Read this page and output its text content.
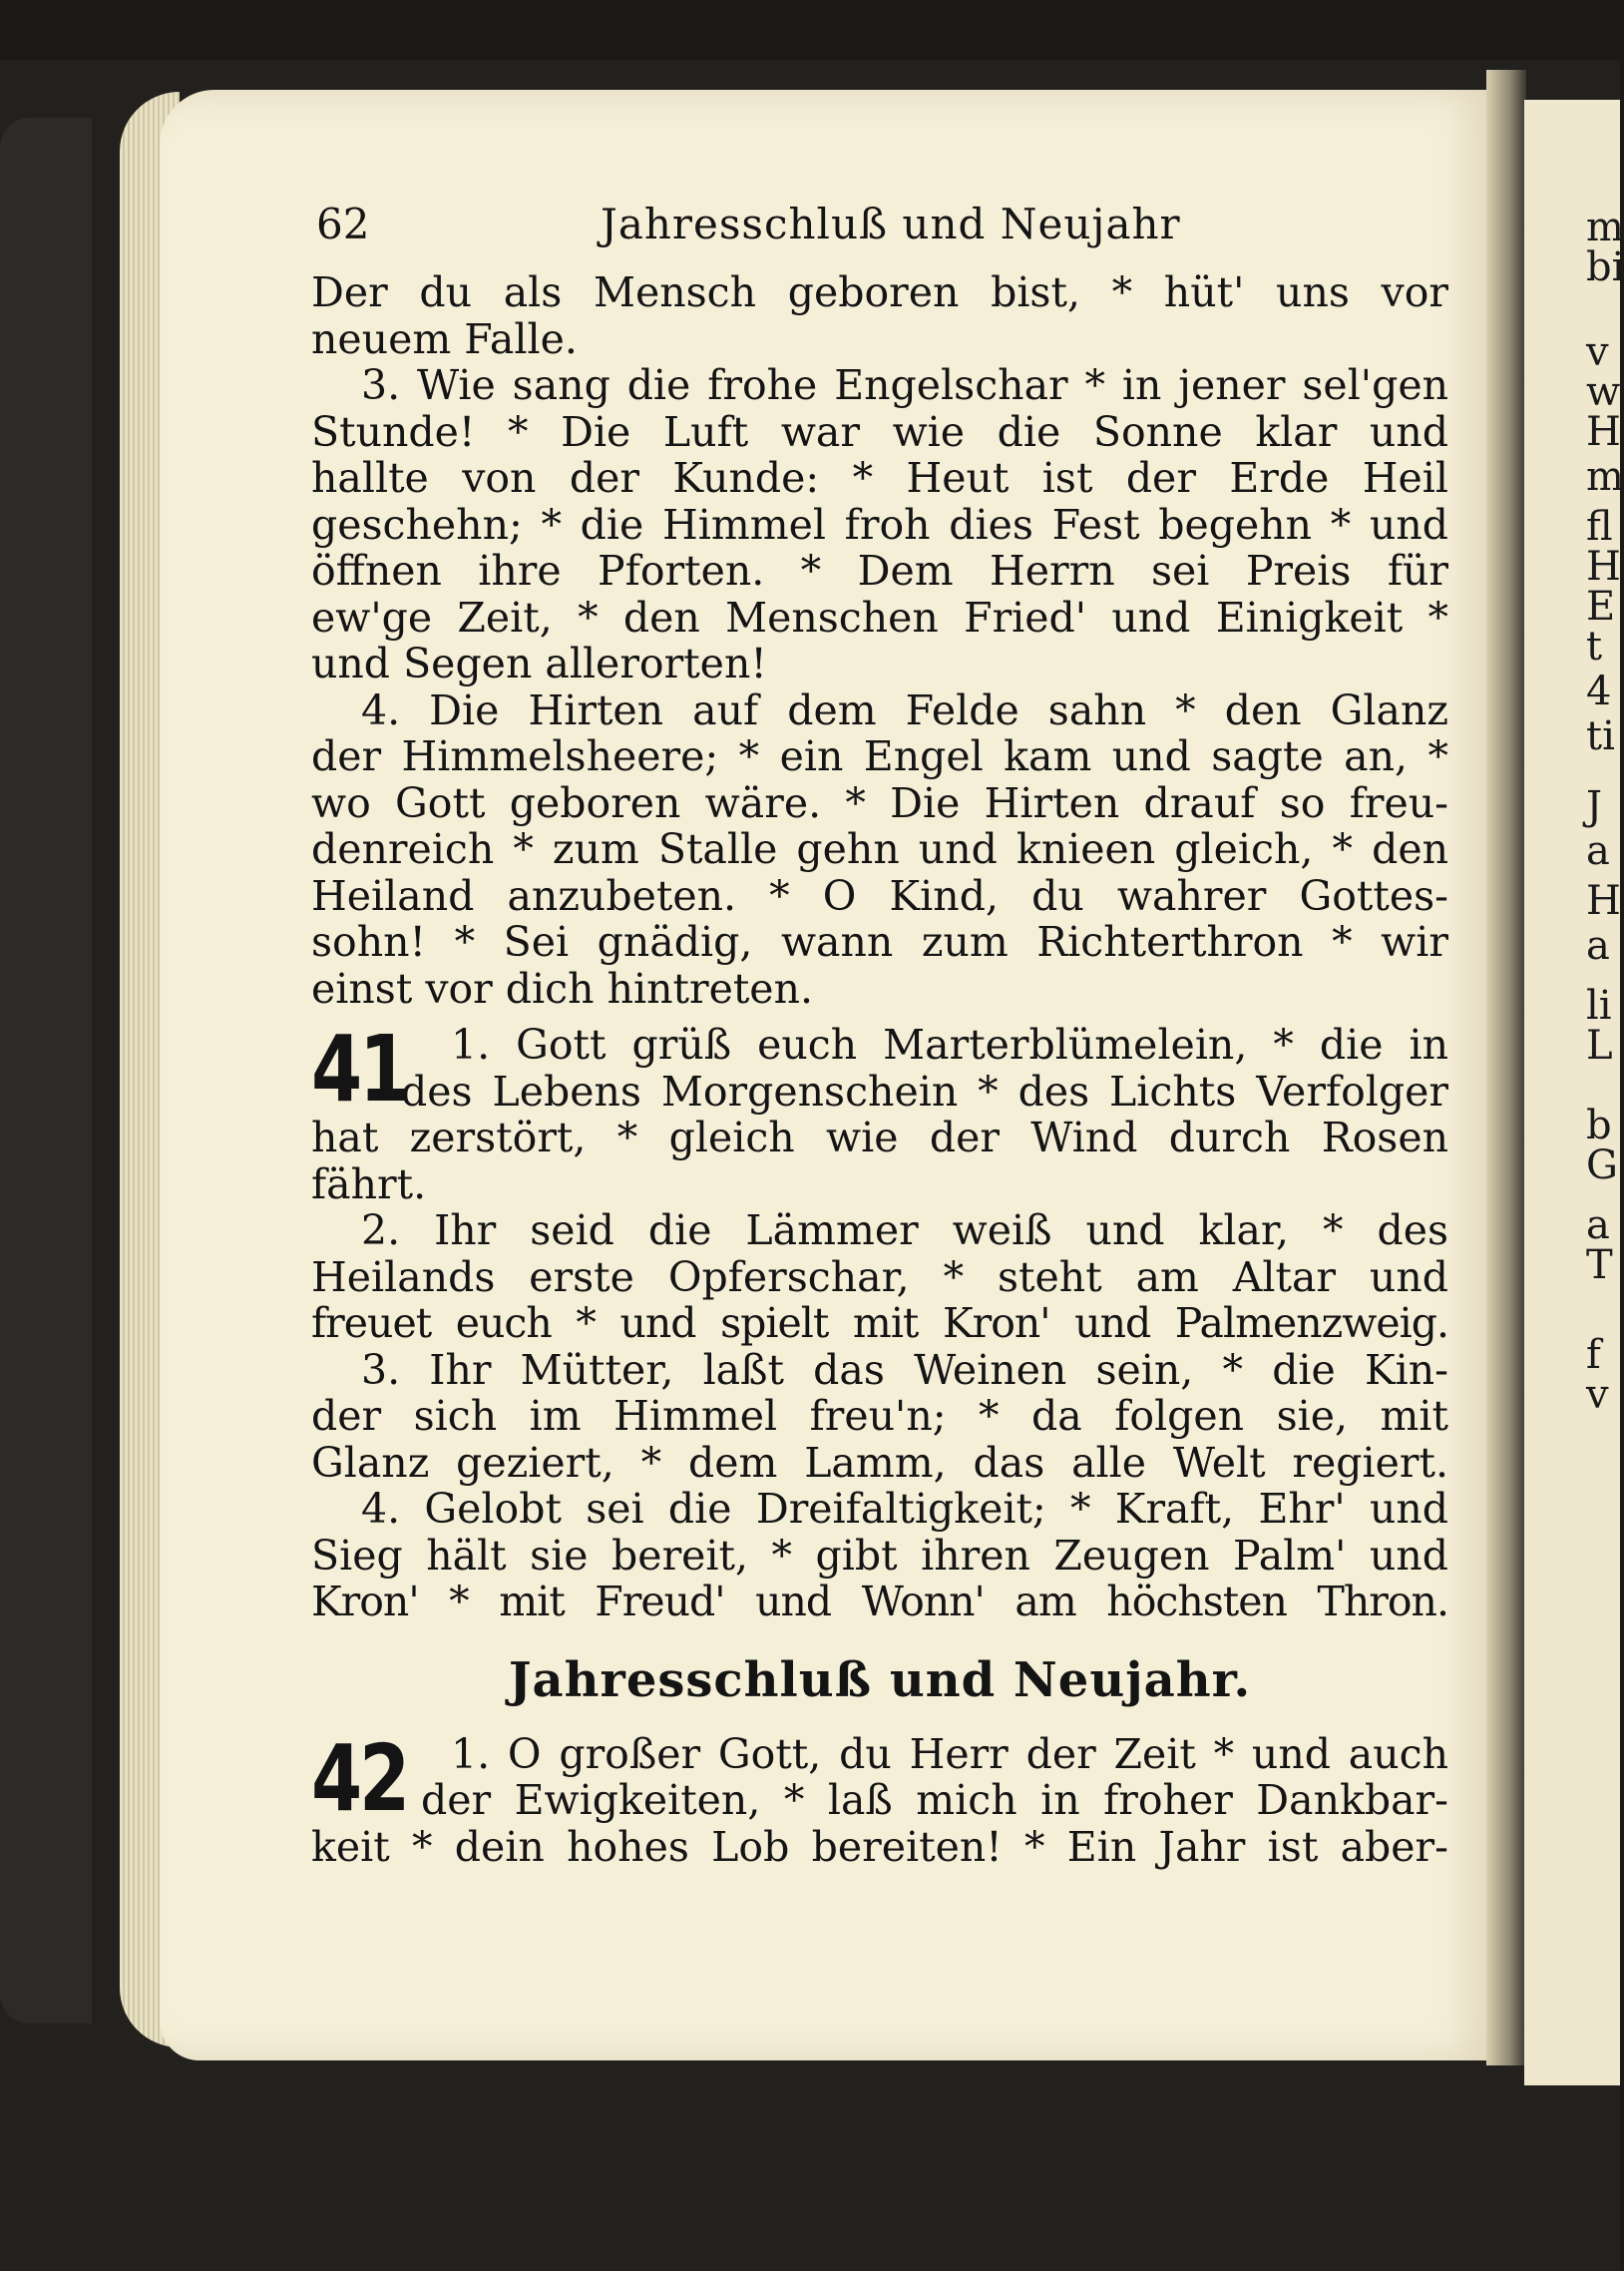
m
bi
v
w
H
m
fl
H
E
t
4
ti
J
a
H
a
li
L
b
G
a
T
f
v
62	Jahresschluß und Neujahr
Der du als Mensch geboren bist, * hüt' uns vor
neuem Falle.
3. Wie sang die frohe Engelschar * in jener sel'gen
Stunde! * Die Luft war wie die Sonne klar und
hallte von der Kunde: * Heut ist der Erde Heil
geschehn; * die Himmel froh dies Fest begehn * und
öffnen ihre Pforten. * Dem Herrn sei Preis für
ew'ge Zeit, * den Menschen Fried' und Einigkeit *
und Segen allerorten!
4. Die Hirten auf dem Felde sahn * den Glanz
der Himmelsheere; * ein Engel kam und sagte an, *
wo Gott geboren wäre. * Die Hirten drauf so freu-
denreich * zum Stalle gehn und knieen gleich, * den
Heiland anzubeten. * O Kind, du wahrer Gottes-
sohn! * Sei gnädig, wann zum Richterthron * wir
einst vor dich hintreten.
41	1. Gott grüß euch Marterblümelein, * die in
des Lebens Morgenschein * des Lichts Verfolger
hat zerstört, * gleich wie der Wind durch Rosen
fährt.
2. Ihr seid die Lämmer weiß und klar, * des
Heilands erste Opferschar, * steht am Altar und
freuet euch * und spielt mit Kron' und Palmenzweig.
3. Ihr Mütter, laßt das Weinen sein, * die Kin-
der sich im Himmel freu'n; * da folgen sie, mit
Glanz geziert, * dem Lamm, das alle Welt regiert.
4. Gelobt sei die Dreifaltigkeit; * Kraft, Ehr' und
Sieg hält sie bereit, * gibt ihren Zeugen Palm' und
Kron' * mit Freud' und Wonn' am höchsten Thron.
Jahresschluß und Neujahr.
42	1. O großer Gott, du Herr der Zeit * und auch
der Ewigkeiten, * laß mich in froher Dankbar-
keit * dein hohes Lob bereiten! * Ein Jahr ist aber-
